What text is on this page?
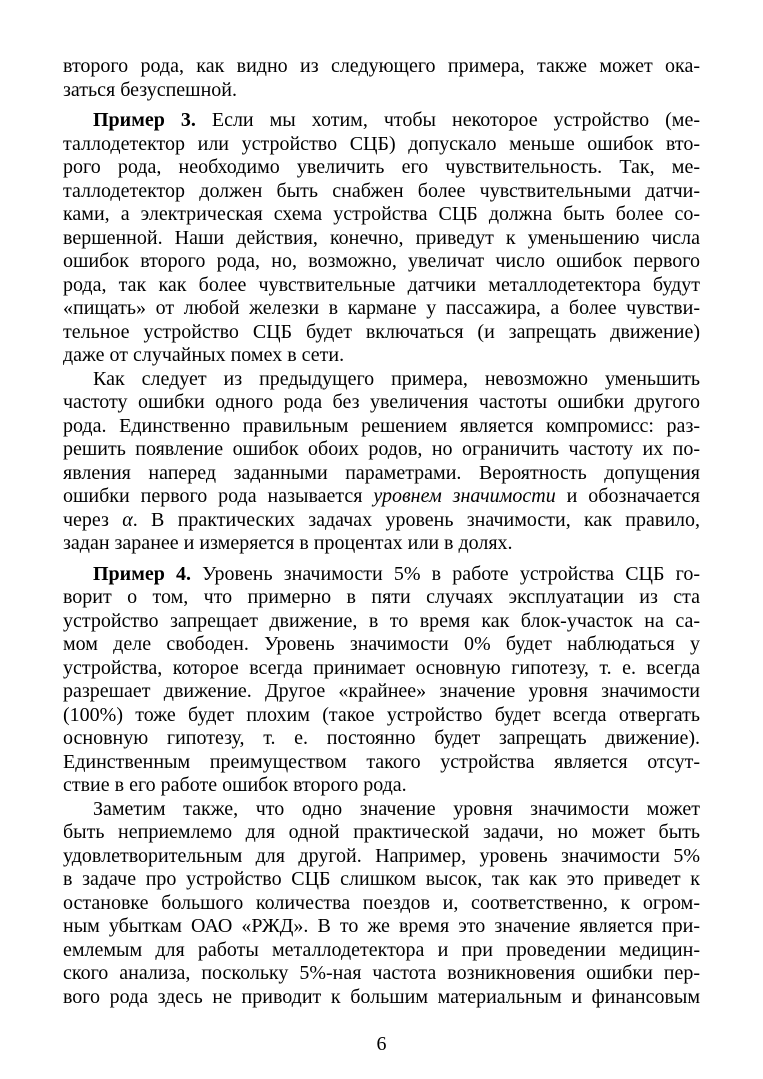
второго рода, как видно из следующего примера, также может ока-
заться безуспешной.
Пример 3. Если мы хотим, чтобы некоторое устройство (ме-
таллодетектор или устройство СЦБ) допускало меньше ошибок вто-
рого рода, необходимо увеличить его чувствительность. Так, ме-
таллодетектор должен быть снабжен более чувствительными датчи-
ками, а электрическая схема устройства СЦБ должна быть более со-
вершенной. Наши действия, конечно, приведут к уменьшению числа
ошибок второго рода, но, возможно, увеличат число ошибок первого
рода, так как более чувствительные датчики металлодетектора будут
«пищать» от любой железки в кармане у пассажира, а более чувстви-
тельное устройство СЦБ будет включаться (и запрещать движение)
даже от случайных помех в сети.
Как следует из предыдущего примера, невозможно уменьшить
частоту ошибки одного рода без увеличения частоты ошибки другого
рода. Единственно правильным решением является компромисс: раз-
решить появление ошибок обоих родов, но ограничить частоту их по-
явления наперед заданными параметрами. Вероятность допущения
ошибки первого рода называется уровнем значимости и обозначается
через α. В практических задачах уровень значимости, как правило,
задан заранее и измеряется в процентах или в долях.
Пример 4. Уровень значимости 5% в работе устройства СЦБ го-
ворит о том, что примерно в пяти случаях эксплуатации из ста
устройство запрещает движение, в то время как блок-участок на са-
мом деле свободен. Уровень значимости 0% будет наблюдаться у
устройства, которое всегда принимает основную гипотезу, т. е. всегда
разрешает движение. Другое «крайнее» значение уровня значимости
(100%) тоже будет плохим (такое устройство будет всегда отвергать
основную гипотезу, т. е. постоянно будет запрещать движение).
Единственным преимуществом такого устройства является отсут-
ствие в его работе ошибок второго рода.
Заметим также, что одно значение уровня значимости может
быть неприемлемо для одной практической задачи, но может быть
удовлетворительным для другой. Например, уровень значимости 5%
в задаче про устройство СЦБ слишком высок, так как это приведет к
остановке большого количества поездов и, соответственно, к огром-
ным убыткам ОАО «РЖД». В то же время это значение является при-
емлемым для работы металлодетектора и при проведении медицин-
ского анализа, поскольку 5%-ная частота возникновения ошибки пер-
вого рода здесь не приводит к большим материальным и финансовым
6
